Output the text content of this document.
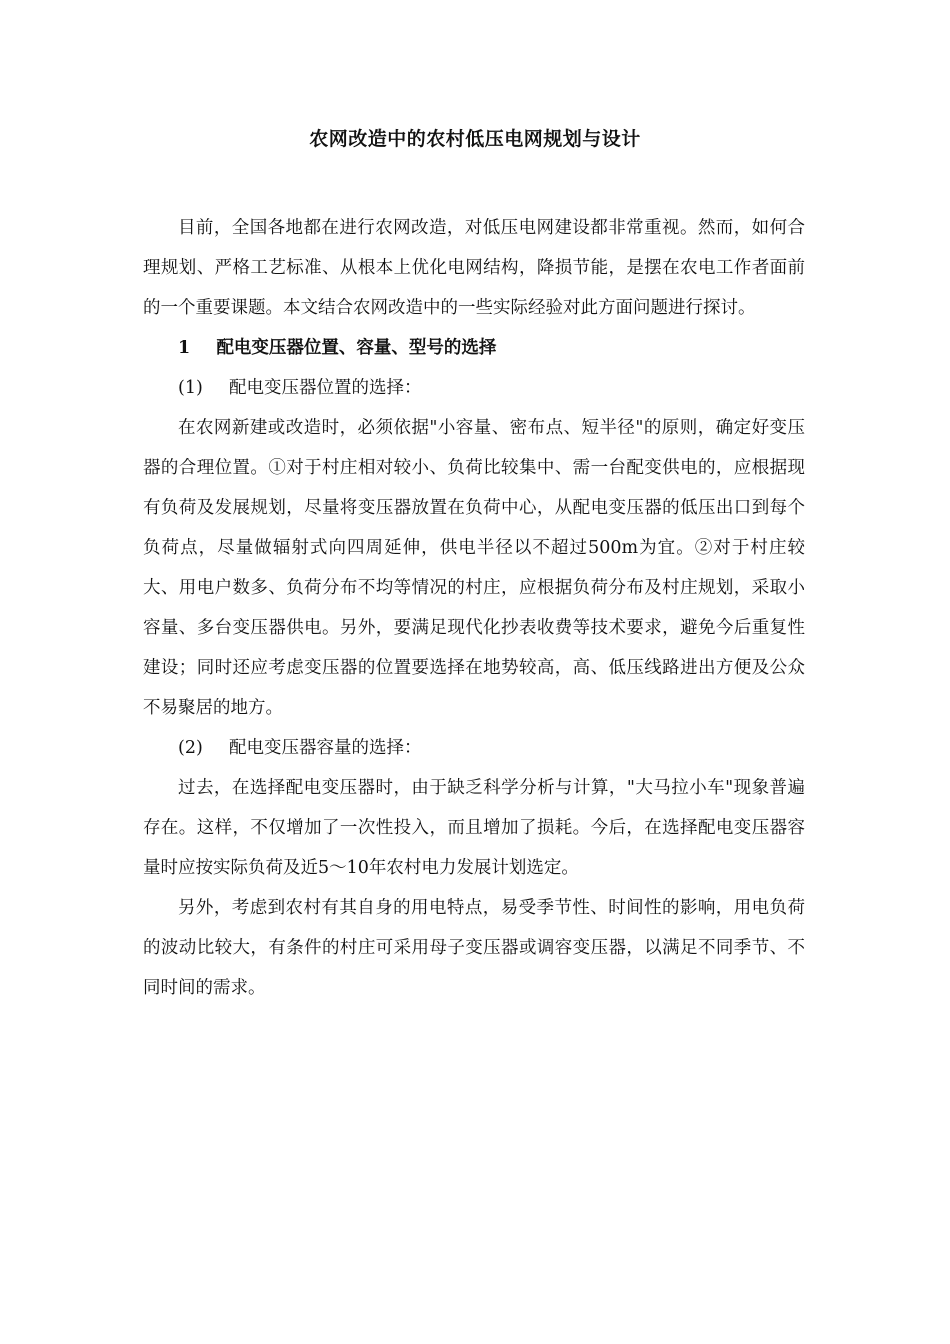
农网改造中的农村低压电网规划与设计

目前，全国各地都在进行农网改造，对低压电网建设都非常重视。然而，如何合理规划、严格工艺标准、从根本上优化电网结构，降损节能，是摆在农电工作者面前的一个重要课题。本文结合农网改造中的一些实际经验对此方面问题进行探讨。

1 配电变压器位置、容量、型号的选择

(1) 配电变压器位置的选择：

在农网新建或改造时，必须依据"小容量、密布点、短半径"的原则，确定好变压器的合理位置。①对于村庄相对较小、负荷比较集中、需一台配变供电的，应根据现有负荷及发展规划，尽量将变压器放置在负荷中心，从配电变压器的低压出口到每个负荷点，尽量做辐射式向四周延伸，供电半径以不超过500m为宜。②对于村庄较大、用电户数多、负荷分布不均等情况的村庄，应根据负荷分布及村庄规划，采取小容量、多台变压器供电。另外，要满足现代化抄表收费等技术要求，避免今后重复性建设；同时还应考虑变压器的位置要选择在地势较高，高、低压线路进出方便及公众不易聚居的地方。

(2) 配电变压器容量的选择：

过去，在选择配电变压器时，由于缺乏科学分析与计算，"大马拉小车"现象普遍存在。这样，不仅增加了一次性投入，而且增加了损耗。今后，在选择配电变压器容量时应按实际负荷及近5～10年农村电力发展计划选定。

另外，考虑到农村有其自身的用电特点，易受季节性、时间性的影响，用电负荷的波动比较大，有条件的村庄可采用母子变压器或调容变压器，以满足不同季节、不同时间的需求。
